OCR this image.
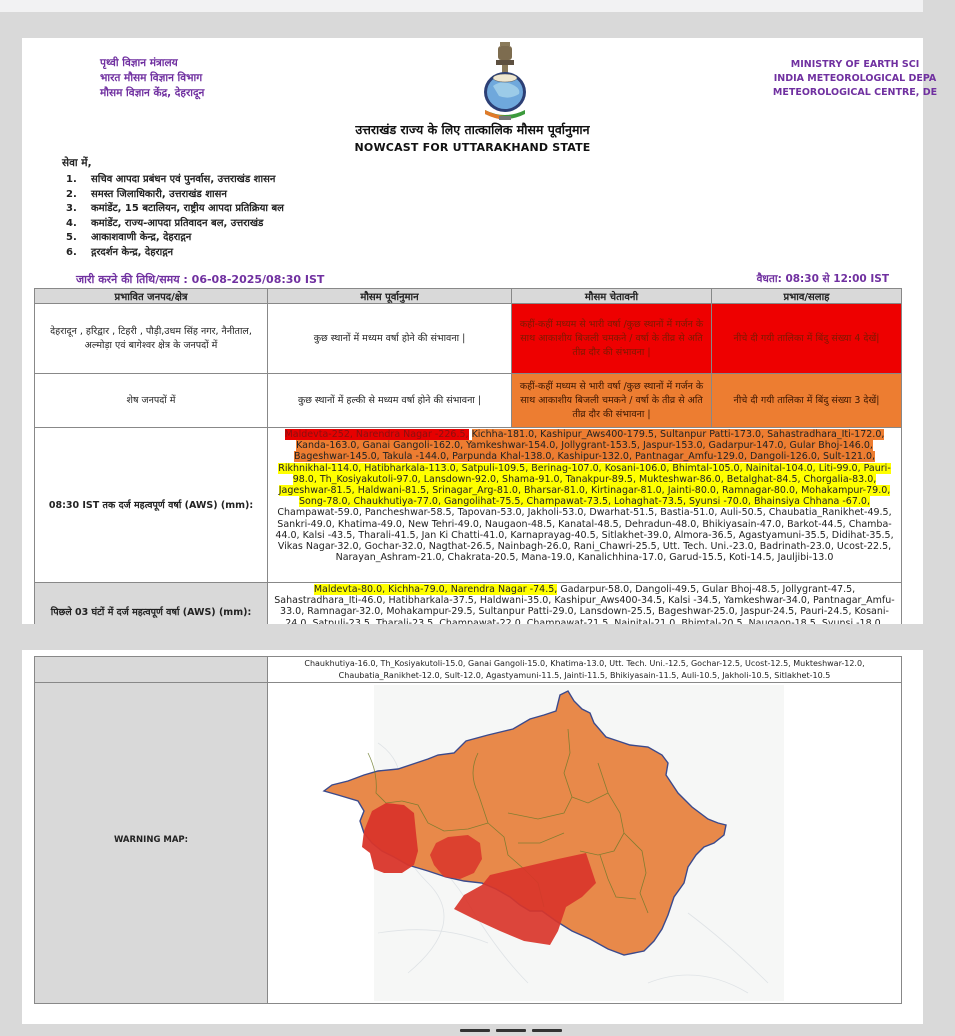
पृथ्वी विज्ञान मंत्रालय
भारत मौसम विज्ञान विभाग
मौसम विज्ञान केंद्र, देहरादून
MINISTRY OF EARTH SCI
INDIA METEOROLOGICAL DEPA
METEOROLOGICAL CENTRE, DE
उत्तराखंड राज्य के लिए तात्कालिक मौसम पूर्वानुमान
NOWCAST FOR UTTARAKHAND STATE
सेवा में,
1. सचिव आपदा प्रबंधन एवं पुनर्वास, उत्तराखंड शासन
2. समस्त जिलाधिकारी, उत्तराखंड शासन
3. कमांडेंट, 15 बटालियन, राष्ट्रीय आपदा प्रतिक्रिया बल
4. कमांडेंट, राज्य-आपदा प्रतिवादन बल, उत्तराखंड
5. आकाशवाणी केन्द्र, देहराद्गन
6. द्गरदर्शन केन्द्र, देहराद्गन
जारी करने की तिथि/समय : 06-08-2025/08:30 IST	वैधता: 08:30 से 12:00 IST
प्रभावित जनपद/क्षेत्र	मौसम पूर्वानुमान	मौसम चेतावनी	प्रभाव/सलाह
देहरादून , हरिद्वार , टिहरी , पौड़ी,उधम सिंह नगर, नैनीताल, अल्मोड़ा एवं बागेश्वर क्षेत्र के जनपदों में	कुछ स्थानों में मध्यम वर्षा होने की संभावना |	कहीं-कहीं मध्यम से भारी वर्षा /कुछ स्थानों में गर्जन के साथ आकाशीय बिजली चमकने / वर्षा के तीव्र से अति तीव्र दौर की संभावना |	नीचे दी गयी तालिका में बिंदु संख्या 4 देखें|
शेष जनपदों में	कुछ स्थानों में हल्की से मध्यम वर्षा होने की संभावना |	कहीं-कहीं मध्यम से भारी वर्षा /कुछ स्थानों में गर्जन के साथ आकाशीय बिजली चमकने / वर्षा के तीव्र से अति तीव्र दौर की संभावना |	नीचे दी गयी तालिका में बिंदु संख्या 3 देखें|
08:30 IST तक दर्ज महत्वपूर्ण वर्षा (AWS) (mm):	Maldevta-252, Narendra Nagar -226.5, Kichha-181.0, Kashipur_Aws400-179.5, Sultanpur Patti-173.0, Sahastradhara_Iti-172.0, Kanda-163.0, Ganai Gangoli-162.0, Yamkeshwar-154.0, Jollygrant-153.5, Jaspur-153.0, Gadarpur-147.0, Gular Bhoj-146.0, Bageshwar-145.0, Takula -144.0, Parpunda Khal-138.0, Kashipur-132.0, Pantnagar_Amfu-129.0, Dangoli-126.0, Sult-121.0, Rikhnikhal-114.0, Hatibharkala-113.0, Satpuli-109.5, Berinag-107.0, Kosani-106.0, Bhimtal-105.0, Nainital-104.0, Liti-99.0, Pauri-98.0, Th_Kosiyakutoli-97.0, Lansdown-92.0, Shama-91.0, Tanakpur-89.5, Mukteshwar-86.0, Betalghat-84.5, Chorgalia-83.0, Jageshwar-81.5, Haldwani-81.5, Srinagar_Arg-81.0, Bharsar-81.0, Kirtinagar-81.0, Jainti-80.0, Ramnagar-80.0, Mohakampur-79.0, Song-78.0, Chaukhutiya-77.0, Gangolihat-75.5, Champawat-73.5, Lohaghat-73.5, Syunsi -70.0, Bhainsiya Chhana -67.0, Champawat-59.0, Pancheshwar-58.5, Tapovan-53.0, Jakholi-53.0, Dwarhat-51.5, Bastia-51.0, Auli-50.5, Chaubatia_Ranikhet-49.5, Sankri-49.0, Khatima-49.0, New Tehri-49.0, Naugaon-48.5, Kanatal-48.5, Dehradun-48.0, Bhikiyasain-47.0, Barkot-44.5, Chamba-44.0, Kalsi -43.5, Tharali-41.5, Jan Ki Chatti-41.0, Karnaprayag-40.5, Sitlakhet-39.0, Almora-36.5, Agastyamuni-35.5, Didihat-35.5, Vikas Nagar-32.0, Gochar-32.0, Nagthat-26.5, Nainbagh-26.0, Rani_Chawri-25.5, Utt. Tech. Uni.-23.0, Badrinath-23.0, Ucost-22.5, Narayan_Ashram-21.0, Chakrata-20.5, Mana-19.0, Kanalichhina-17.0, Garud-15.5, Koti-14.5, Jauljibi-13.0
पिछले 03 घंटों में दर्ज महत्वपूर्ण वर्षा (AWS) (mm):	Maldevta-80.0, Kichha-79.0, Narendra Nagar -74.5, Gadarpur-58.0, Dangoli-49.5, Gular Bhoj-48.5, Jollygrant-47.5, Sahastradhara_Iti-46.0, Hatibharkala-37.5, Haldwani-35.0, Kashipur_Aws400-34.5, Kalsi -34.5, Yamkeshwar-34.0, Pantnagar_Amfu-33.0, Ramnagar-32.0, Mohakampur-29.5, Sultanpur Patti-29.0, Lansdown-25.5, Bageshwar-25.0, Jaspur-24.5, Pauri-24.5, Kosani-
	Chaukhutiya-16.0, Th_Kosiyakutoli-15.0, Ganai Gangoli-15.0, Khatima-13.0, Utt. Tech. Uni.-12.5, Gochar-12.5, Ucost-12.5, Mukteshwar-12.0, Chaubatia_Ranikhet-12.0, Sult-12.0, Agastyamuni-11.5, Jainti-11.5, Bhikiyasain-11.5, Auli-10.5, Jakholi-10.5, Sitlakhet-10.5
WARNING MAP:	
